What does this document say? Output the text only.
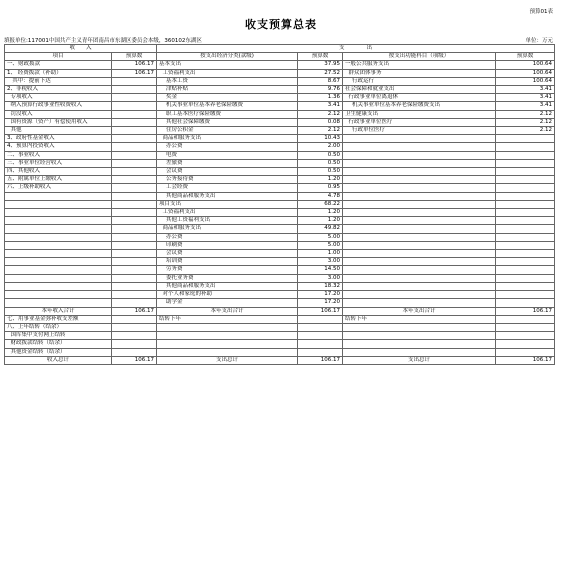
预算01表
收支预算总表
填报单位:117001中国共产主义青年团南昌市东湖区委员会本级，360102东湖区	单位：万元
收　　入		支　　　　出			
项目	预算数	按支出经济分类(款级)	预算数	按支出功能科目（项级）	预算数
一、财政拨款	106.17	基本支出	37.95	一般公共服务支出	100.64
1、 经费拨款（补助）	106.17	工资福利支出	27.52	群众团体事务	100.64
其中：提前下达		基本工资	8.67	行政运行	100.64
2、非税收入		津贴补贴	9.76	社会保障和就业支出	3.41
专项收入		奖金	1.36	行政事业单位离退休	3.41
纳入预算行政事业性收费收入		机关事业单位基本养老保险缴费	3.41	机关事业单位基本养老保险缴费支出	3.41
罚没收入		职工基本医疗保险缴费	2.12	卫生健康支出	2.12
国有资源（资产）有偿使用收入		其他社会保障缴费	0.08	行政事业单位医疗	2.12
其他		住房公积金	2.12	行政单位医疗	2.12
3、政府性基金收入		商品和服务支出	10.43		
4、预算内投资收入		办公费	2.00		
二、事业收入		电费	0.50		
三、事业单位经营收入		差旅费	0.50		
四、其他收入		会议费	0.50		
五、附属单位上缴收入		公务接待费	1.20		
六、上级补助收入		工会经费	0.95		
		其他商品和服务支出	4.78		
		项目支出	68.22		
		工资福利支出	1.20		
		其他工资福利支出	1.20		
		商品和服务支出	49.82		
		办公费	5.00		
		印刷费	5.00		
		会议费	1.00		
		培训费	3.00		
		劳务费	14.50		
		委托业务费	3.00		
		其他商品和服务支出	18.32		
		对个人和家庭的补助	17.20		
		助学金	17.20		
本年收入合计	106.17	本年支出合计	106.17	本年支出合计	106.17
七、用事业基金弥补收支差额		结转下年		结转下年	
八、上年结转（结余）					
国库集中支付网上结转					
财政拨款结转（结余）					
其他资金结转（结余）					
收入总计	106.17	支出总计	106.17	支出总计	106.17
